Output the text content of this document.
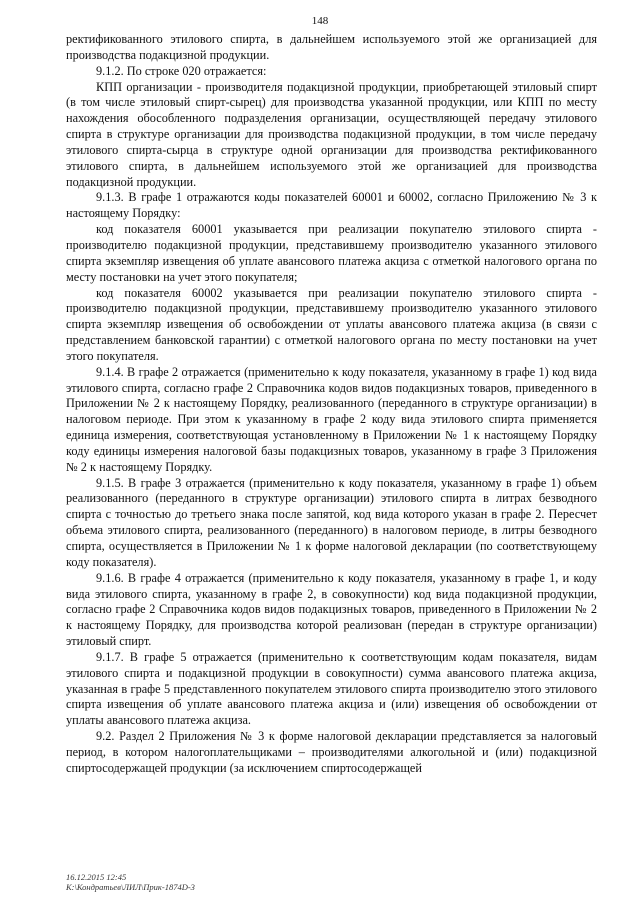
148

ректификованного этилового спирта, в дальнейшем используемого этой же организацией для производства подакцизной продукции.

9.1.2. По строке 020 отражается:

КПП организации - производителя подакцизной продукции, приобретающей этиловый спирт (в том числе этиловый спирт-сырец) для производства указанной продукции, или КПП по месту нахождения обособленного подразделения организации, осуществляющей передачу этилового спирта в структуре организации для производства подакцизной продукции, в том числе передачу этилового спирта-сырца в структуре одной организации для производства ректификованного этилового спирта, в дальнейшем используемого этой же организацией для производства подакцизной продукции.

9.1.3. В графе 1 отражаются коды показателей 60001 и 60002, согласно Приложению № 3 к настоящему Порядку:

код показателя 60001 указывается при реализации покупателю этилового спирта - производителю подакцизной продукции, представившему производителю указанного этилового спирта экземпляр извещения об уплате авансового платежа акциза с отметкой налогового органа по месту постановки на учет этого покупателя;

код показателя 60002 указывается при реализации покупателю этилового спирта - производителю подакцизной продукции, представившему производителю указанного этилового спирта экземпляр извещения об освобождении от уплаты авансового платежа акциза (в связи с представлением банковской гарантии) с отметкой налогового органа по месту постановки на учет этого покупателя.

9.1.4. В графе 2 отражается (применительно к коду показателя, указанному в графе 1) код вида этилового спирта, согласно графе 2 Справочника кодов видов подакцизных товаров, приведенного в Приложении № 2 к настоящему Порядку, реализованного (переданного в структуре организации) в налоговом периоде. При этом к указанному в графе 2 коду вида этилового спирта применяется единица измерения, соответствующая установленному в Приложении № 1 к настоящему Порядку коду единицы измерения налоговой базы подакцизных товаров, указанному в графе 3 Приложения № 2 к настоящему Порядку.

9.1.5. В графе 3 отражается (применительно к коду показателя, указанному в графе 1) объем реализованного (переданного в структуре организации) этилового спирта в литрах безводного спирта с точностью до третьего знака после запятой, код вида которого указан в графе 2. Пересчет объема этилового спирта, реализованного (переданного) в налоговом периоде, в литры безводного спирта, осуществляется в Приложении № 1 к форме налоговой декларации (по соответствующему коду показателя).

9.1.6. В графе 4 отражается (применительно к коду показателя, указанному в графе 1, и коду вида этилового спирта, указанному в графе 2, в совокупности) код вида подакцизной продукции, согласно графе 2 Справочника кодов видов подакцизных товаров, приведенного в Приложении № 2 к настоящему Порядку, для производства которой реализован (передан в структуре организации) этиловый спирт.

9.1.7. В графе 5 отражается (применительно к соответствующим кодам показателя, видам этилового спирта и подакцизной продукции в совокупности) сумма авансового платежа акциза, указанная в графе 5 представленного покупателем этилового спирта производителю этого этилового спирта извещения об уплате авансового платежа акциза и (или) извещения об освобождении от уплаты авансового платежа акциза.

9.2. Раздел 2 Приложения № 3 к форме налоговой декларации представляется за налоговый период, в котором налогоплательщиками – производителями алкогольной и (или) подакцизной спиртосодержащей продукции (за исключением спиртосодержащей

16.12.2015 12:45
К:\Кондратьев\ЛИЛ\Прик-1874D-3
